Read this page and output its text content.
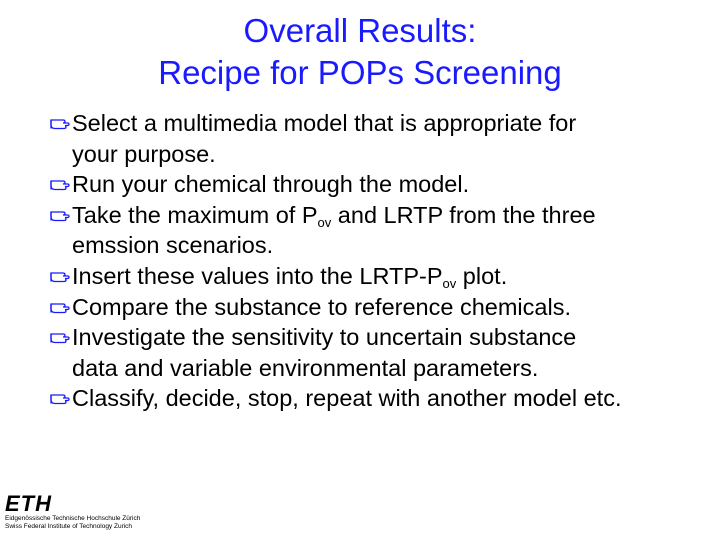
Overall Results:
Recipe for POPs Screening
Select a multimedia model that is appropriate for
your purpose.
Run your chemical through the model.
Take the maximum of $P_{ov}$ and LRTP from the three
emssion scenarios.
Insert these values into the LRTP-$P_{ov}$ plot.
Compare the substance to reference chemicals.
Investigate the sensitivity to uncertain substance
data and variable environmental parameters.
Classify, decide, stop, repeat with another model etc.
ETH
Eidgenössische Technische Hochschule Zürich
Swiss Federal Institute of Technology Zurich
